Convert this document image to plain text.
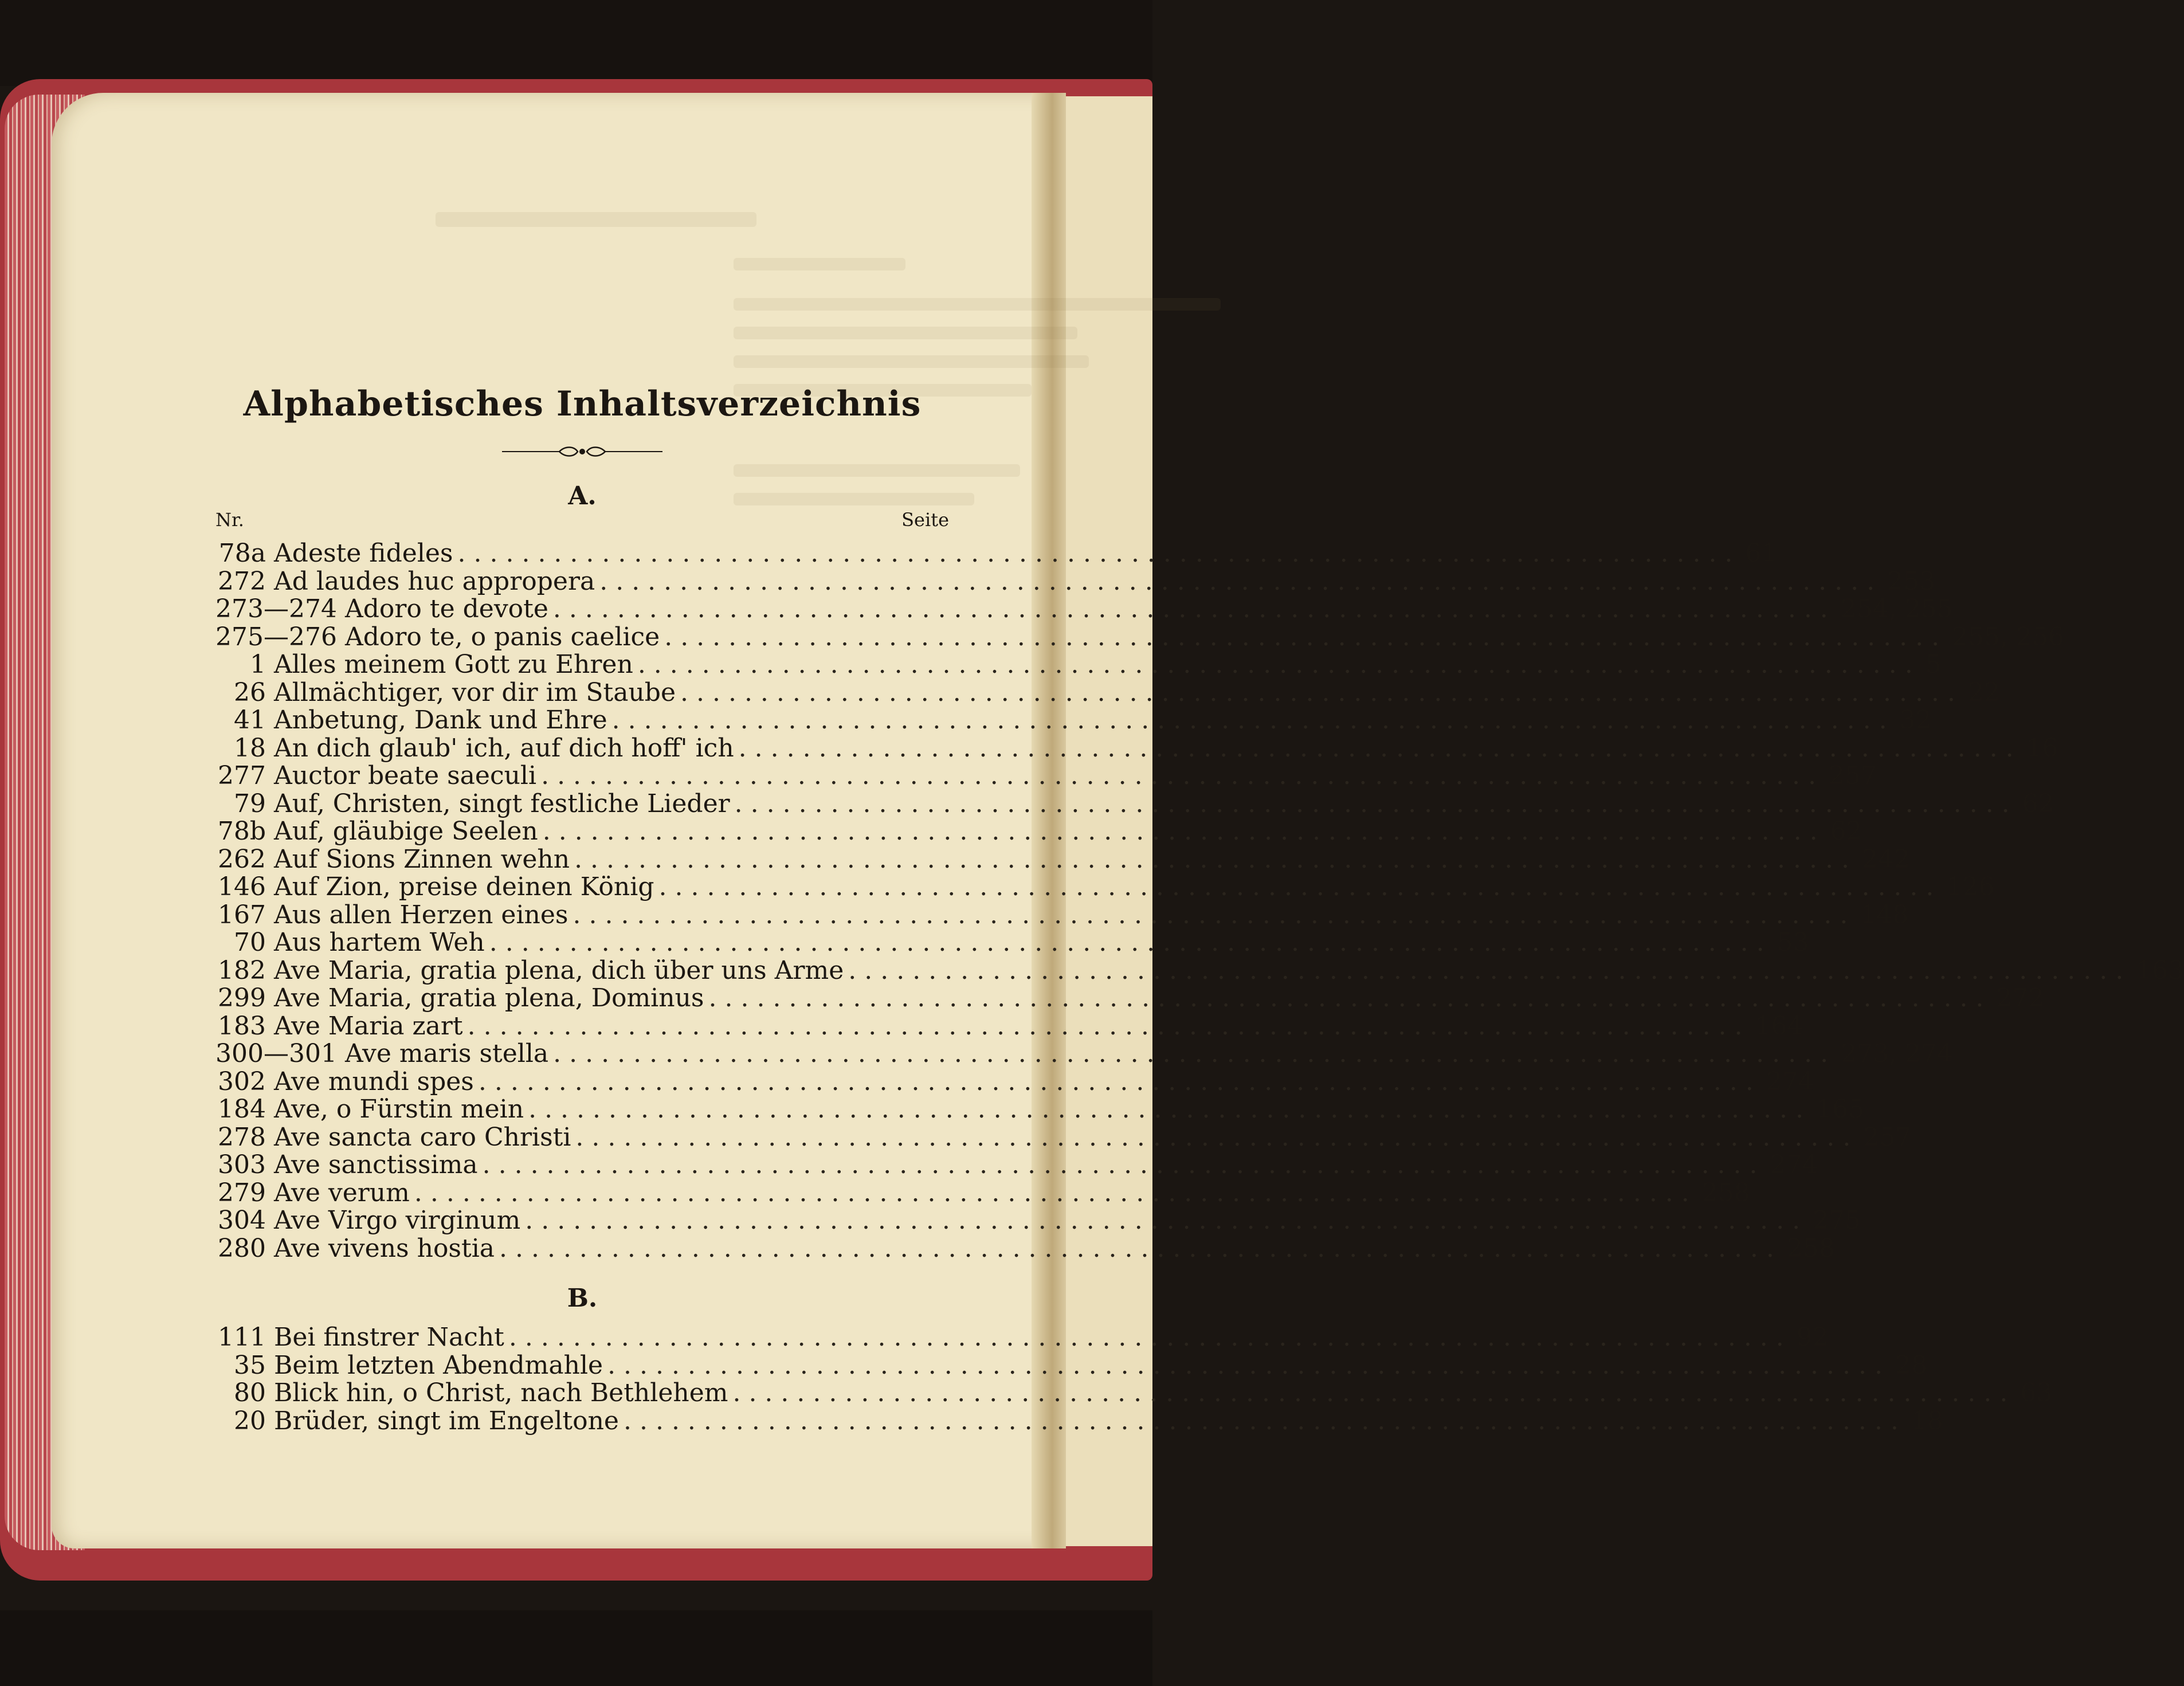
Alphabetisches Inhaltsverzeichnis
A.
Nr.	Seite
78a Adeste fideles ................................................................................ 61
272 Ad laudes huc appropera ................................................................................ 253
273—274 Adoro te devote ................................................................................ 254, 255
275—276 Adoro te, o panis caelice ................................................................................ 255, 256
1 Alles meinem Gott zu Ehren ................................................................................ 5
26 Allmächtiger, vor dir im Staube ................................................................................ 22
41 Anbetung, Dank und Ehre ................................................................................ 32
18 An dich glaub' ich, auf dich hoff' ich ................................................................................ 16
277 Auctor beate saeculi ................................................................................ 257
79 Auf, Christen, singt festliche Lieder ................................................................................ 62
78b Auf, gläubige Seelen ................................................................................ 62
262 Auf Sions Zinnen wehn ................................................................................ 242
146 Auf Zion, preise deinen König ................................................................................ 126
167 Aus allen Herzen eines ................................................................................ 148
70 Aus hartem Weh ................................................................................ 53
182 Ave Maria, gratia plena, dich über uns Arme ................................................................................ 163
299 Ave Maria, gratia plena, Dominus ................................................................................ 272
183 Ave Maria zart ................................................................................ 164
300—301 Ave maris stella ................................................................................ 273, 274
302 Ave mundi spes ................................................................................ 274
184 Ave, o Fürstin mein ................................................................................ 165
278 Ave sancta caro Christi ................................................................................ 257
303 Ave sanctissima ................................................................................ 274
279 Ave verum ................................................................................ 258
304 Ave Virgo virginum ................................................................................ 275
280 Ave vivens hostia ................................................................................ 258
B.
111 Bei finstrer Nacht ................................................................................ 92
35 Beim letzten Abendmahle ................................................................................ 28
80 Blick hin, o Christ, nach Bethlehem ................................................................................ 63
20 Brüder, singt im Engeltone ................................................................................ 18
